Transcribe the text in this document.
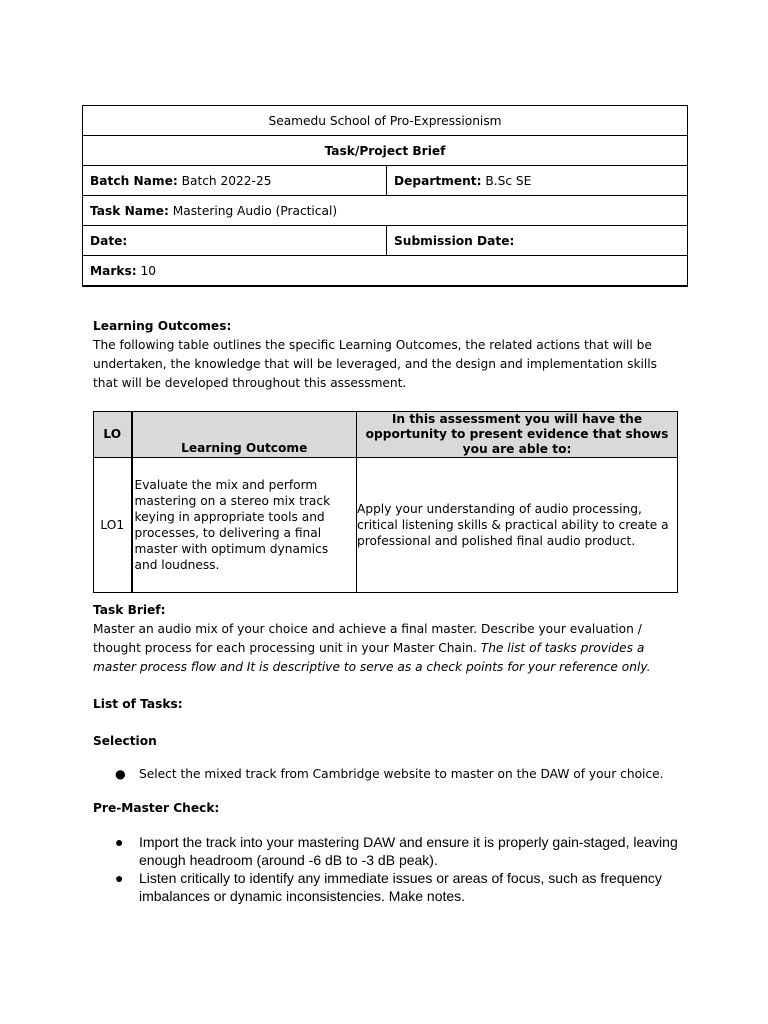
Seamedu School of Pro-Expressionism	
Task/Project Brief	
Batch Name: Batch 2022-25	Department: B.Sc SE
Task Name: Mastering Audio (Practical)	
Date:	Submission Date:
Marks: 10	
Learning Outcomes:
The following table outlines the specific Learning Outcomes, the related actions that will be undertaken, the knowledge that will be leveraged, and the design and implementation skills that will be developed throughout this assessment.
LO	Learning Outcome	In this assessment you will have the opportunity to present evidence that shows you are able to:
LO1	Evaluate the mix and perform mastering on a stereo mix track keying in appropriate tools and processes, to delivering a final master with optimum dynamics and loudness.	Apply your understanding of audio processing, critical listening skills & practical ability to create a professional and polished final audio product.
Task Brief:
Master an audio mix of your choice and achieve a final master. Describe your evaluation / thought process for each processing unit in your Master Chain. The list of tasks provides a master process flow and It is descriptive to serve as a check points for your reference only.
List of Tasks:
Selection
● Select the mixed track from Cambridge website to master on the DAW of your choice.
Pre-Master Check:
● Import the track into your mastering DAW and ensure it is properly gain-staged, leaving enough headroom (around -6 dB to -3 dB peak).
● Listen critically to identify any immediate issues or areas of focus, such as frequency imbalances or dynamic inconsistencies. Make notes.
